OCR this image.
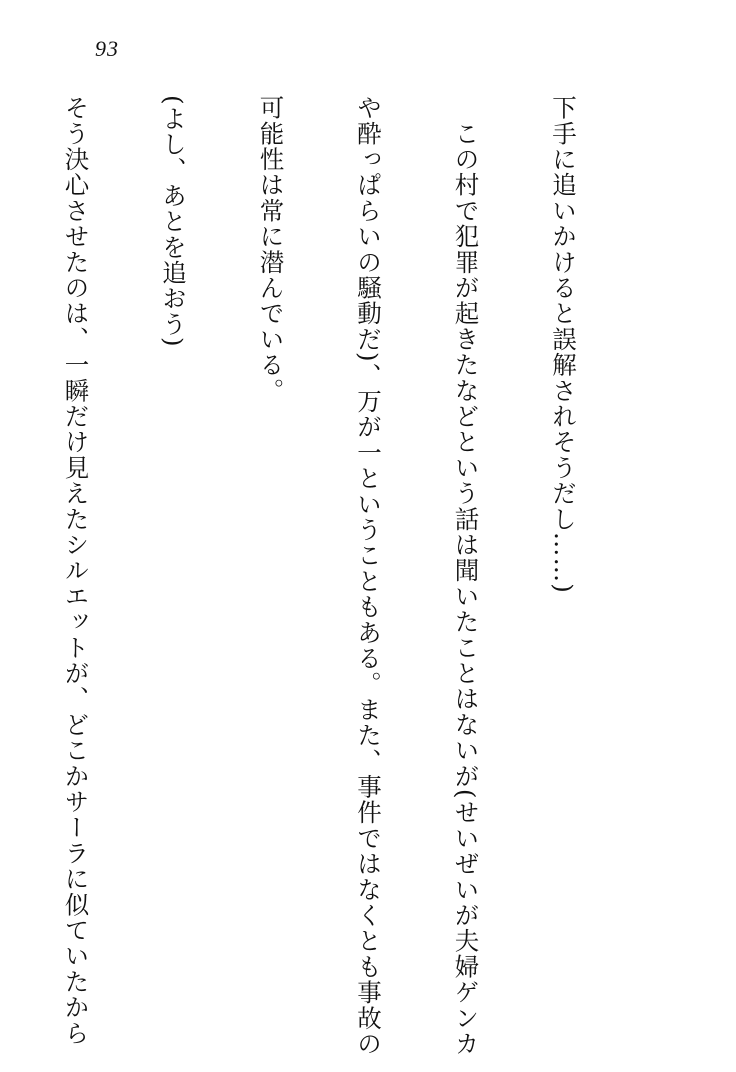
93

下手に追いかけると誤解されそうだし……)

　この村で犯罪が起きたなどという話は聞いたことはないが(せいぜいが夫婦ゲンカ

や酔っぱらいの騒動だ)、万が一ということもある。また、事件ではなくとも事故の

可能性は常に潜んでいる。

(よし、あとを追おう)

そう決心させたのは、一瞬だけ見えたシルエットが、どこかサーラに似ていたから
